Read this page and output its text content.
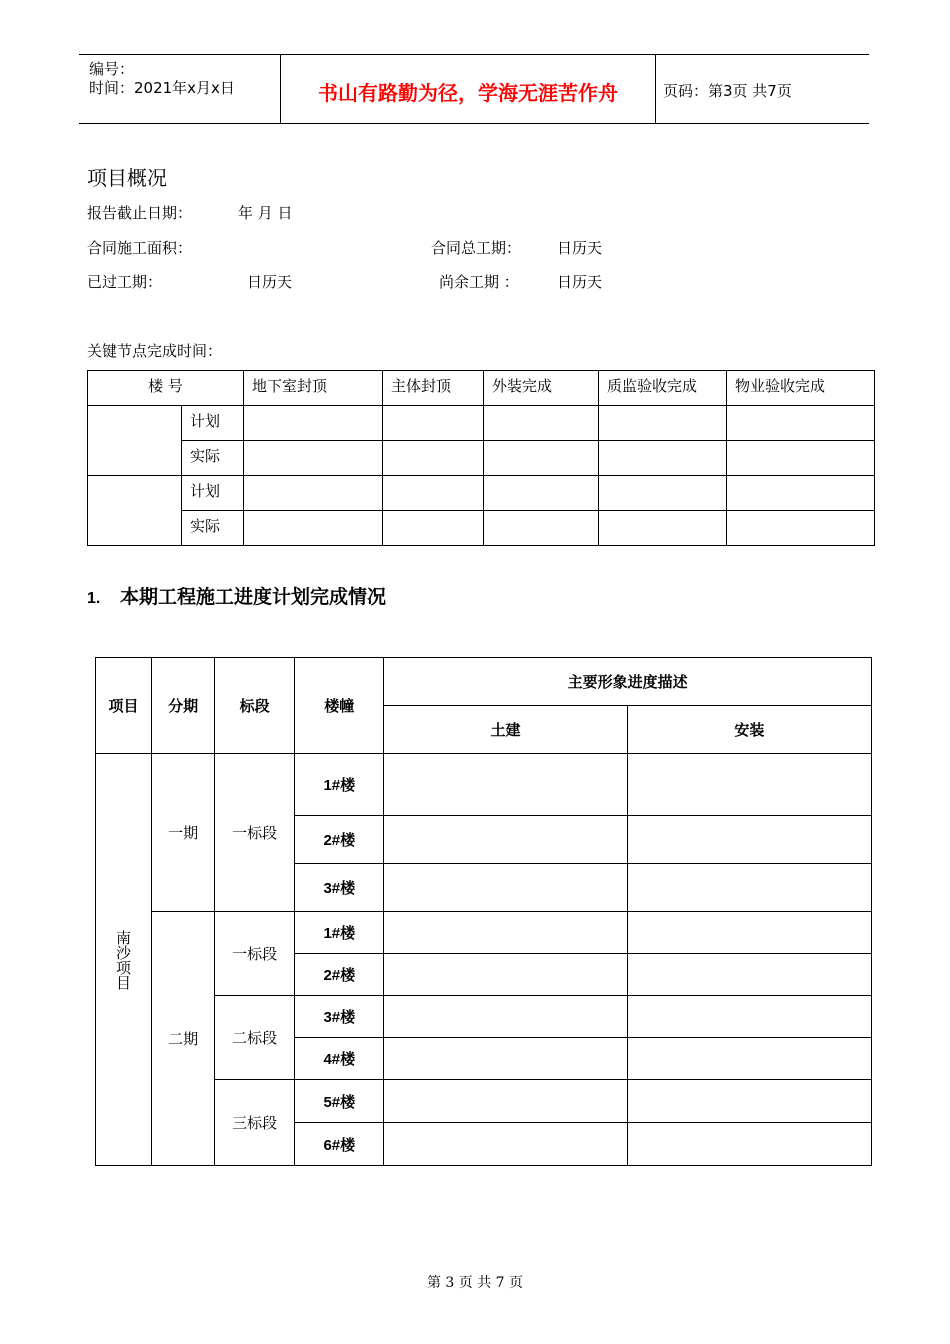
编号：
时间：2021年x月x日	书山有路勤为径，学海无涯苦作舟	页码：第3页 共7页
项目概况
报告截止日期：	年 月 日
合同施工面积：	合同总工期： 日历天
已过工期：	日历天	尚余工期 ：	日历天
关键节点完成时间：
楼 号		地下室封顶	主体封顶	外装完成	质监验收完成	物业验收完成

	计划					

	实际					

	计划					

	实际					

1. 本期工程施工进度计划完成情况
项目	分期	标段	楼幢	主要形象进度描述	
				土建	安装

南沙项目	一期	一标段	1#楼		
			2#楼		
			3#楼		
	二期	一标段	1#楼		
			2#楼		
		二标段	3#楼		
			4#楼		
		三标段	5#楼		
			6#楼		
第 3 页 共 7 页
